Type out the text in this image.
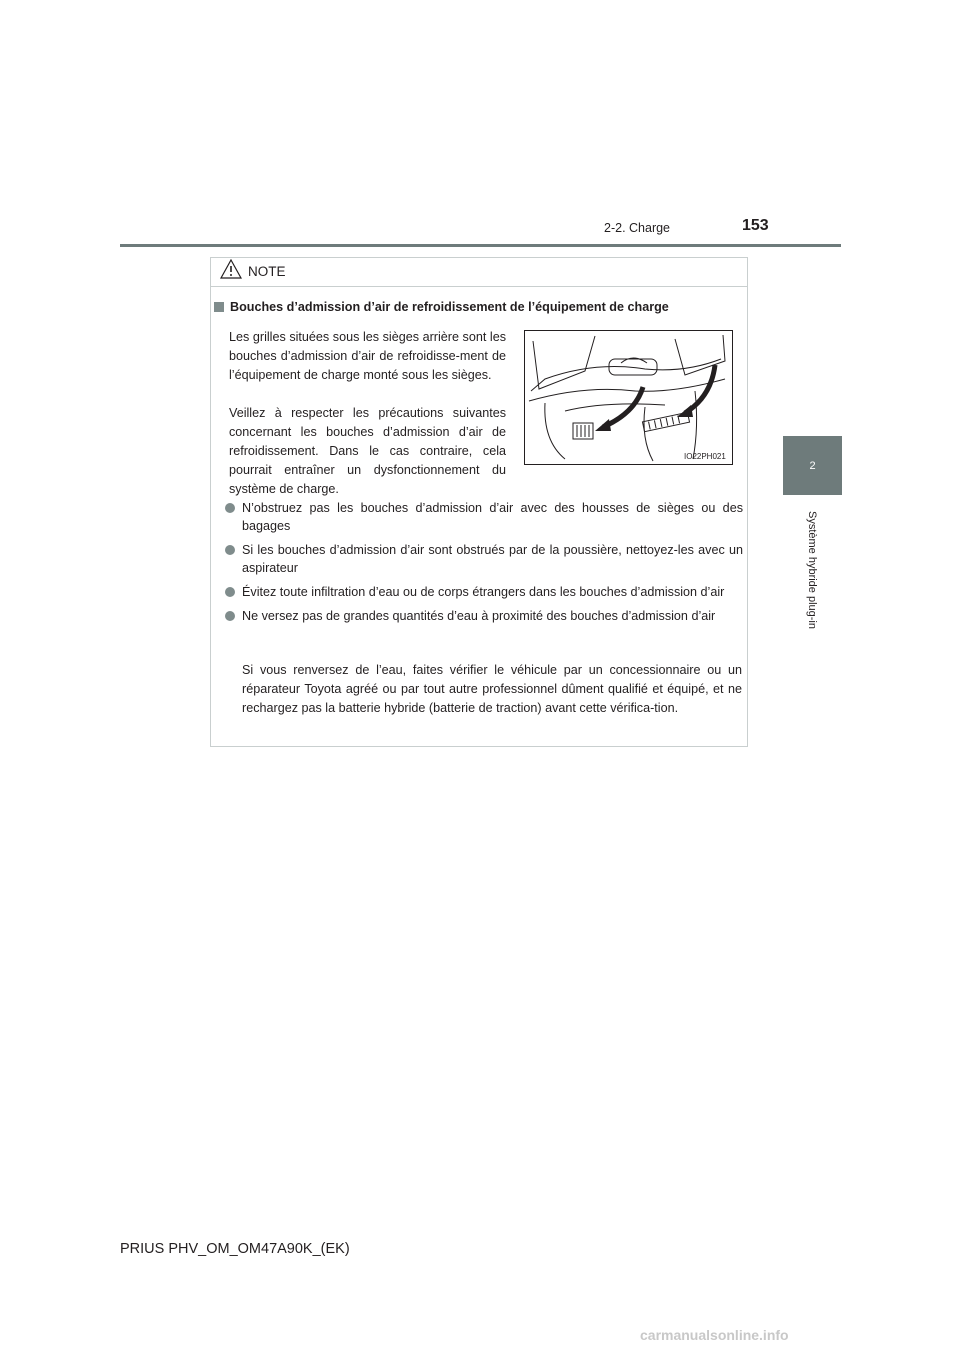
2-2. Charge	153
2
Système hybride plug-in
NOTE
Bouches d’admission d’air de refroidissement de l’équipement de charge

Les grilles situées sous les sièges arrière sont les bouches d’admission d’air de refroidisse-ment de l’équipement de charge monté sous les sièges.

Veillez à respecter les précautions suivantes concernant les bouches d’admission d’air de refroidissement. Dans le cas contraire, cela pourrait entraîner un dysfonctionnement du système de charge.

IO22PH021
N’obstruez pas les bouches d’admission d’air avec des housses de sièges ou des bagages
Si les bouches d’admission d’air sont obstrués par de la poussière, nettoyez-les avec un aspirateur
Évitez toute infiltration d’eau ou de corps étrangers dans les bouches d’admission d’air
Ne versez pas de grandes quantités d’eau à proximité des bouches d’admission d’air

Si vous renversez de l’eau, faites vérifier le véhicule par un concessionnaire ou un réparateur Toyota agréé ou par tout autre professionnel dûment qualifié et équipé, et ne rechargez pas la batterie hybride (batterie de traction) avant cette vérifica-tion.

PRIUS PHV_OM_OM47A90K_(EK)
carmanualsonline.info
